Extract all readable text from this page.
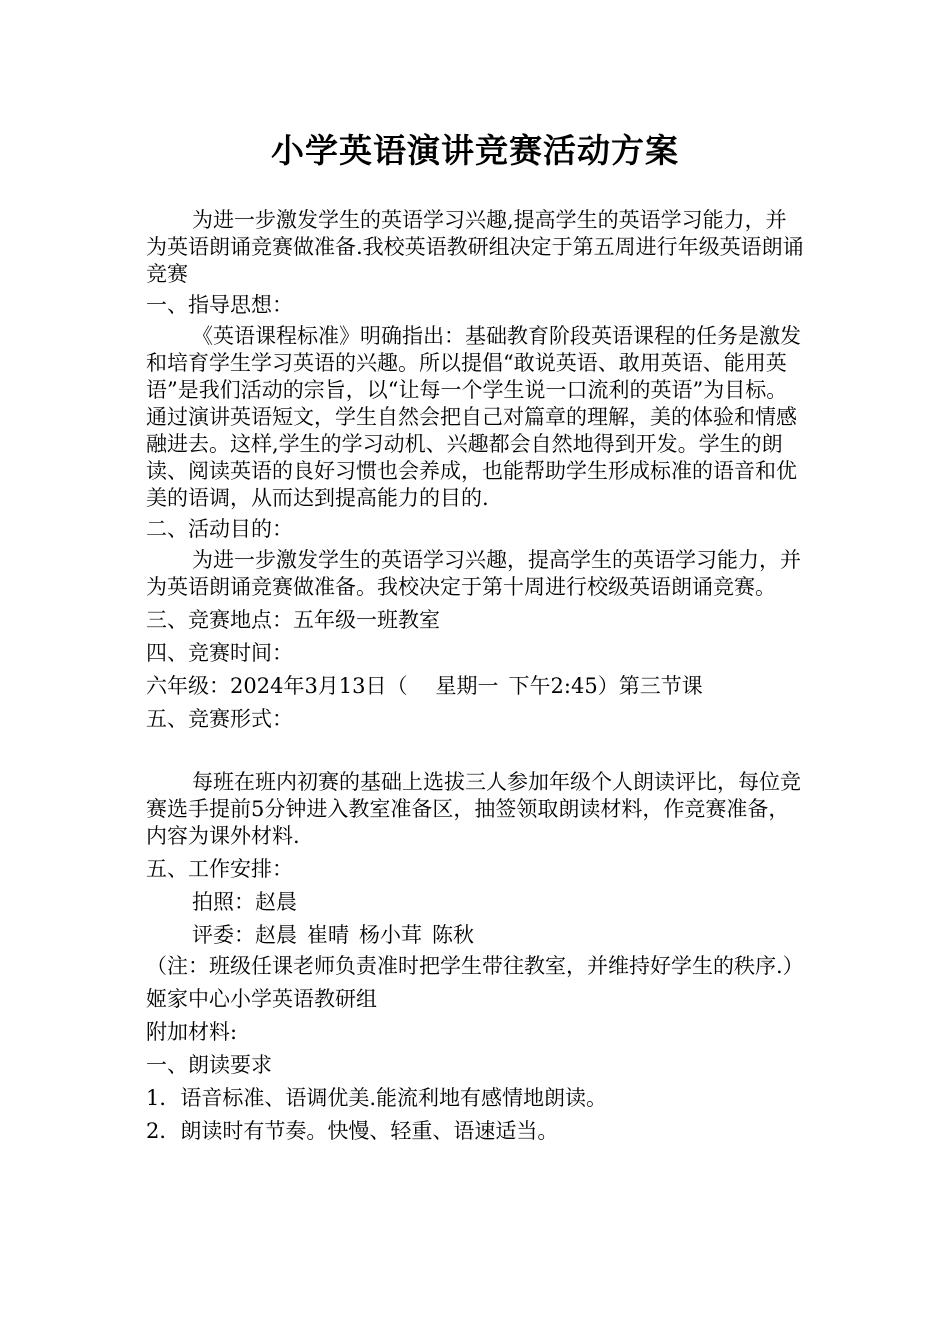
小学英语演讲竞赛活动方案

为进一步激发学生的英语学习兴趣,提高学生的英语学习能力，并为英语朗诵竞赛做准备.我校英语教研组决定于第五周进行年级英语朗诵竞赛

一、指导思想：

《英语课程标准》明确指出：基础教育阶段英语课程的任务是激发和培育学生学习英语的兴趣。所以提倡“敢说英语、敢用英语、能用英语”是我们活动的宗旨，以“让每一个学生说一口流利的英语”为目标。通过演讲英语短文，学生自然会把自己对篇章的理解，美的体验和情感融进去。这样,学生的学习动机、兴趣都会自然地得到开发。学生的朗读、阅读英语的良好习惯也会养成，也能帮助学生形成标准的语音和优美的语调，从而达到提高能力的目的.

二、活动目的：

为进一步激发学生的英语学习兴趣，提高学生的英语学习能力，并为英语朗诵竞赛做准备。我校决定于第十周进行校级英语朗诵竞赛。

三、竞赛地点：五年级一班教室

四、竞赛时间：

六年级：2024年3月13日（ 星期一 下午2:45）第三节课

五、竞赛形式：

每班在班内初赛的基础上选拔三人参加年级个人朗读评比，每位竞赛选手提前5分钟进入教室准备区，抽签领取朗读材料，作竞赛准备，内容为课外材料.

五、工作安排：

拍照：赵晨

评委：赵晨 崔晴 杨小茸 陈秋

（注：班级任课老师负责准时把学生带往教室，并维持好学生的秩序.）

姬家中心小学英语教研组

附加材料:

一、朗读要求

1．语音标准、语调优美.能流利地有感情地朗读。

2．朗读时有节奏。快慢、轻重、语速适当。
